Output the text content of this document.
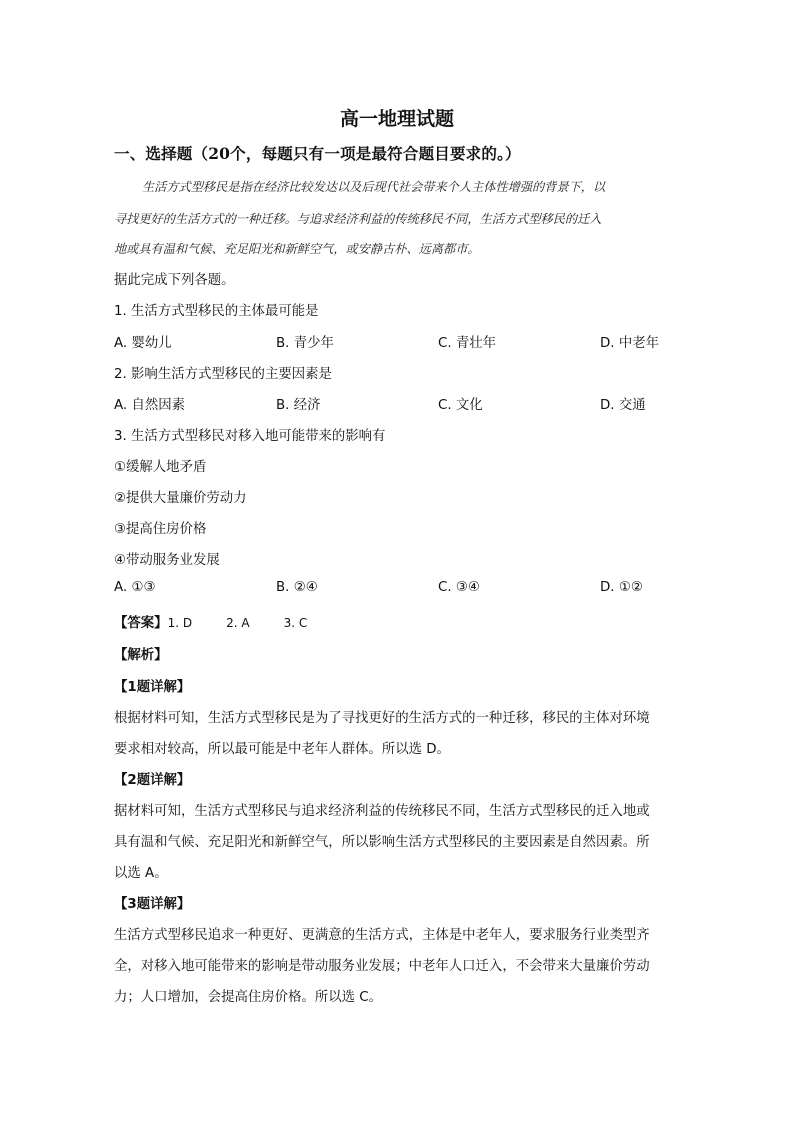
高一地理试题
一、选择题（20个，每题只有一项是最符合题目要求的。）
生活方式型移民是指在经济比较发达以及后现代社会带来个人主体性增强的背景下，以
寻找更好的生活方式的一种迁移。与追求经济利益的传统移民不同，生活方式型移民的迁入
地或具有温和气候、充足阳光和新鲜空气，或安静古朴、远离都市。
据此完成下列各题。
1. 生活方式型移民的主体最可能是
A. 婴幼儿	B. 青少年	C. 青壮年	D. 中老年
2. 影响生活方式型移民的主要因素是
A. 自然因素	B. 经济	C. 文化	D. 交通
3. 生活方式型移民对移入地可能带来的影响有
①缓解人地矛盾
②提供大量廉价劳动力
③提高住房价格
④带动服务业发展
A. ①③	B. ②④	C. ③④	D. ①②
【答案】1. D	2. A	3. C
【解析】
【1题详解】
根据材料可知，生活方式型移民是为了寻找更好的生活方式的一种迁移，移民的主体对环境
要求相对较高，所以最可能是中老年人群体。所以选 D。
【2题详解】
据材料可知，生活方式型移民与追求经济利益的传统移民不同，生活方式型移民的迁入地或
具有温和气候、充足阳光和新鲜空气，所以影响生活方式型移民的主要因素是自然因素。所
以选 A。
【3题详解】
生活方式型移民追求一种更好、更满意的生活方式，主体是中老年人，要求服务行业类型齐
全，对移入地可能带来的影响是带动服务业发展；中老年人口迁入，不会带来大量廉价劳动
力；人口增加，会提高住房价格。所以选 C。
